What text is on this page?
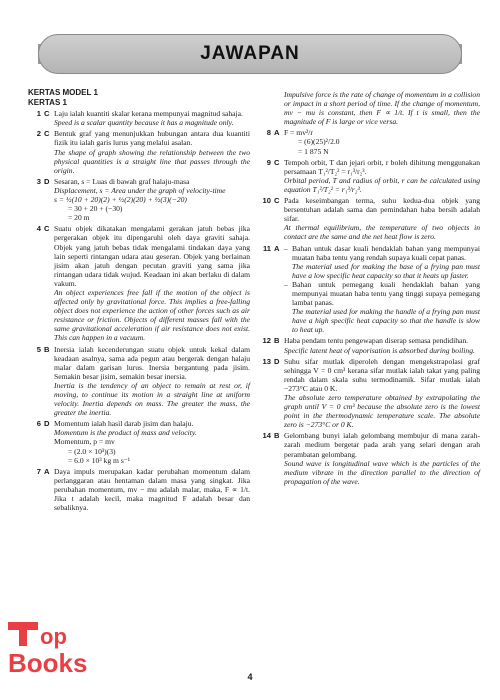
JAWAPAN
KERTAS MODEL 1
KERTAS 1
1 C Laju ialah kuantiti skalar kerana mempunyai magnitud sahaja.
Speed is a scalar quantity because it has a magnitude only.
2 C Bentuk graf yang menunjukkan hubungan antara dua kuantiti fizik itu ialah garis lurus yang melalui asalan.
The shape of graph showing the relationship between the two physical quantities is a straight line that passes through the origin.
3 D Sesaran, s = Luas di bawah graf halaju-masa
Displacement, s = Area under the graph of velocity-time
s = ½(10 + 20)(2) + ½(2)(20) + ½(3)(−20)
= 30 + 20 + (−30)
= 20 m
4 C Suatu objek dikatakan mengalami gerakan jatuh bebas jika pergerakan objek itu dipengaruhi oleh daya graviti sahaja. Objek yang jatuh bebas tidak mengalami tindakan daya yang lain seperti rintangan udara atau geseran. Objek yang berlainan jisim akan jatuh dengan pecutan graviti yang sama jika rintangan udara tidak wujud. Keadaan ini akan berlaku di dalam vakum.
An object experiences free fall if the motion of the object is affected only by gravitational force. This implies a free-falling object does not experience the action of other forces such as air resistance or friction. Objects of different masses fall with the same gravitational acceleration if air resistance does not exist. This can happen in a vacuum.
5 B Inersia ialah kecenderungan suatu objek untuk kekal dalam keadaan asalnya, sama ada pegun atau bergerak dengan halaju malar dalam garisan lurus. Inersia bergantung pada jisim. Semakin besar jisim, semakin besar inersia.
Inertia is the tendency of an object to remain at rest or, if moving, to continue its motion in a straight line at uniform velocity. Inertia depends on mass. The greater the mass, the greater the inertia.
6 D Momentum ialah hasil darab jisim dan halaju.
Momentum is the product of mass and velocity.
Momentum, p = mv
= (2.0 × 10³)(3)
= 6.0 × 10³ kg m s⁻¹
7 A Daya impuls merupakan kadar perubahan momentum dalam perlanggaran atau hentaman dalam masa yang singkat. Jika perubahan momentum, mv − mu adalah malar, maka, F ∝ 1/t. Jika t adalah kecil, maka magnitud F adalah besar dan sebaliknya.
Impulsive force is the rate of change of momentum in a collision or impact in a short period of time. If the change of momentum, mv − mu is constant, then F ∝ 1/t. If t is small, then the magnitude of F is large or vice versa.
8 A F = mv²/r
= (6)(25)²/2.0
= 1 875 N
9 C Tempoh orbit, T dan jejari orbit, r boleh dihitung menggunakan persamaan T₁²/T₂² = r₁³/r₂³.
Orbital period, T and radius of orbit, r can be calculated using equation T₁²/T₂² = r₁³/r₂³.
10 C Pada keseimbangan terma, suhu kedua-dua objek yang bersentuhan adalah sama dan pemindahan haba bersih adalah sifar.
At thermal equilibrium, the temperature of two objects in contact are the same and the net heat flow is zero.
11 A – Bahan untuk dasar kuali hendaklah bahan yang mempunyai muatan haba tentu yang rendah supaya kuali cepat panas.
The material used for making the base of a frying pan must have a low specific heat capacity so that it heats up faster.
– Bahan untuk pemegang kuali hendaklah bahan yang mempunyai muatan haba tentu yang tinggi supaya pemegang lambat panas.
The material used for making the handle of a frying pan must have a high specific heat capacity so that the handle is slow to heat up.
12 B Haba pendam tentu pengewapan diserap semasa pendidihan.
Specific latent heat of vaporisation is absorbed during boiling.
13 D Suhu sifar mutlak diperoleh dengan mengekstrapolasi graf sehingga V = 0 cm³ kerana sifar mutlak ialah takat yang paling rendah dalam skala suhu termodinamik. Sifar mutlak ialah −273°C atau 0 K.
The absolute zero temperature obtained by extrapolating the graph until V = 0 cm³ because the absolute zero is the lowest point in the thermodynamic temperature scale. The absolute zero is −273°C or 0 K.
14 B Gelombang bunyi ialah gelombang membujur di mana zarah-zarah medium bergetar pada arah yang selari dengan arah perambatan gelombang.
Sound wave is longitudinal wave which is the particles of the medium vibrate in the direction parallel to the direction of propagation of the wave.
op
Books	4
